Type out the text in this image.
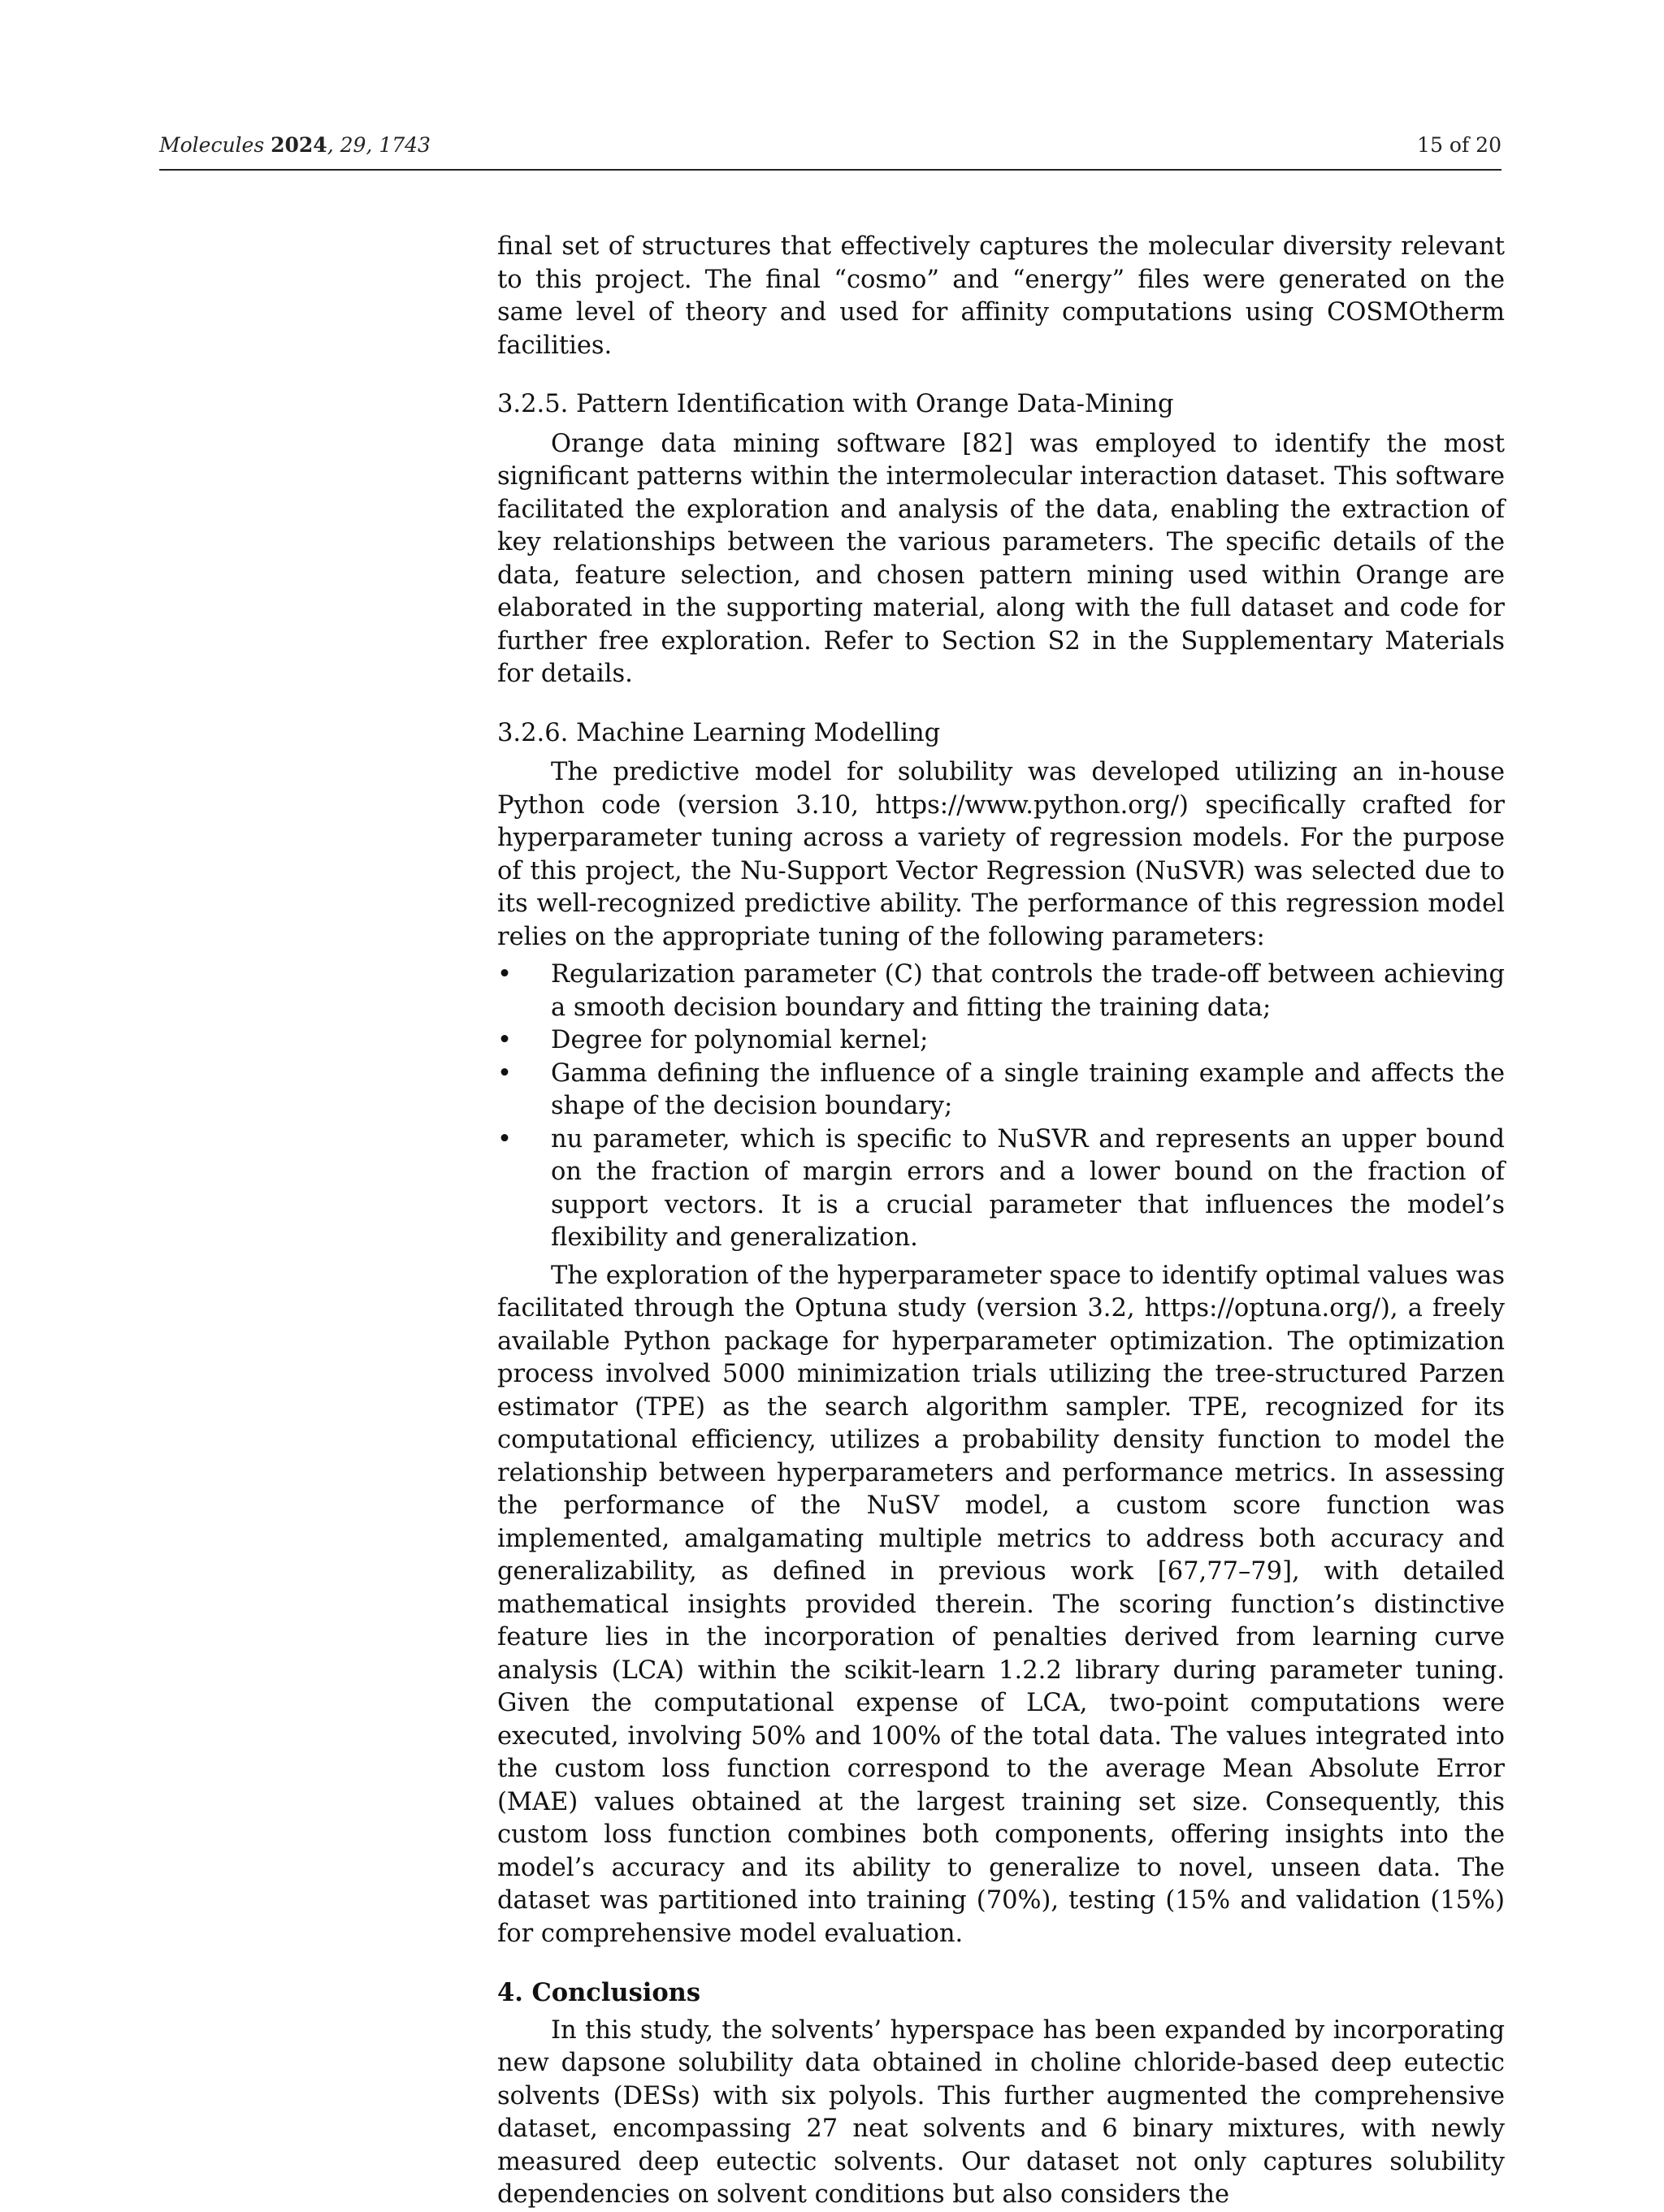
Molecules 2024, 29, 1743	15 of 20

final set of structures that effectively captures the molecular diversity relevant to this project. The final “cosmo” and “energy” files were generated on the same level of theory and used for affinity computations using COSMOtherm facilities.

3.2.5. Pattern Identification with Orange Data-Mining

Orange data mining software [82] was employed to identify the most significant patterns within the intermolecular interaction dataset. This software facilitated the exploration and analysis of the data, enabling the extraction of key relationships between the various parameters. The specific details of the data, feature selection, and chosen pattern mining used within Orange are elaborated in the supporting material, along with the full dataset and code for further free exploration. Refer to Section S2 in the Supplementary Materials for details.

3.2.6. Machine Learning Modelling

The predictive model for solubility was developed utilizing an in-house Python code (version 3.10, https://www.python.org/) specifically crafted for hyperparameter tuning across a variety of regression models. For the purpose of this project, the Nu-Support Vector Regression (NuSVR) was selected due to its well-recognized predictive ability. The performance of this regression model relies on the appropriate tuning of the following parameters:

•	Regularization parameter (C) that controls the trade-off between achieving a smooth decision boundary and fitting the training data;
•	Degree for polynomial kernel;
•	Gamma defining the influence of a single training example and affects the shape of the decision boundary;
•	nu parameter, which is specific to NuSVR and represents an upper bound on the fraction of margin errors and a lower bound on the fraction of support vectors. It is a crucial parameter that influences the model’s flexibility and generalization.

The exploration of the hyperparameter space to identify optimal values was facilitated through the Optuna study (version 3.2, https://optuna.org/), a freely available Python package for hyperparameter optimization. The optimization process involved 5000 minimization trials utilizing the tree-structured Parzen estimator (TPE) as the search algorithm sampler. TPE, recognized for its computational efficiency, utilizes a probability density function to model the relationship between hyperparameters and performance metrics. In assessing the performance of the NuSV model, a custom score function was implemented, amalgamating multiple metrics to address both accuracy and generalizability, as defined in previous work [67,77–79], with detailed mathematical insights provided therein. The scoring function’s distinctive feature lies in the incorporation of penalties derived from learning curve analysis (LCA) within the scikit-learn 1.2.2 library during parameter tuning. Given the computational expense of LCA, two-point computations were executed, involving 50% and 100% of the total data. The values integrated into the custom loss function correspond to the average Mean Absolute Error (MAE) values obtained at the largest training set size. Consequently, this custom loss function combines both components, offering insights into the model’s accuracy and its ability to generalize to novel, unseen data. The dataset was partitioned into training (70%), testing (15% and validation (15%) for comprehensive model evaluation.

4. Conclusions

In this study, the solvents’ hyperspace has been expanded by incorporating new dapsone solubility data obtained in choline chloride-based deep eutectic solvents (DESs) with six polyols. This further augmented the comprehensive dataset, encompassing 27 neat solvents and 6 binary mixtures, with newly measured deep eutectic solvents. Our dataset not only captures solubility dependencies on solvent conditions but also considers the
